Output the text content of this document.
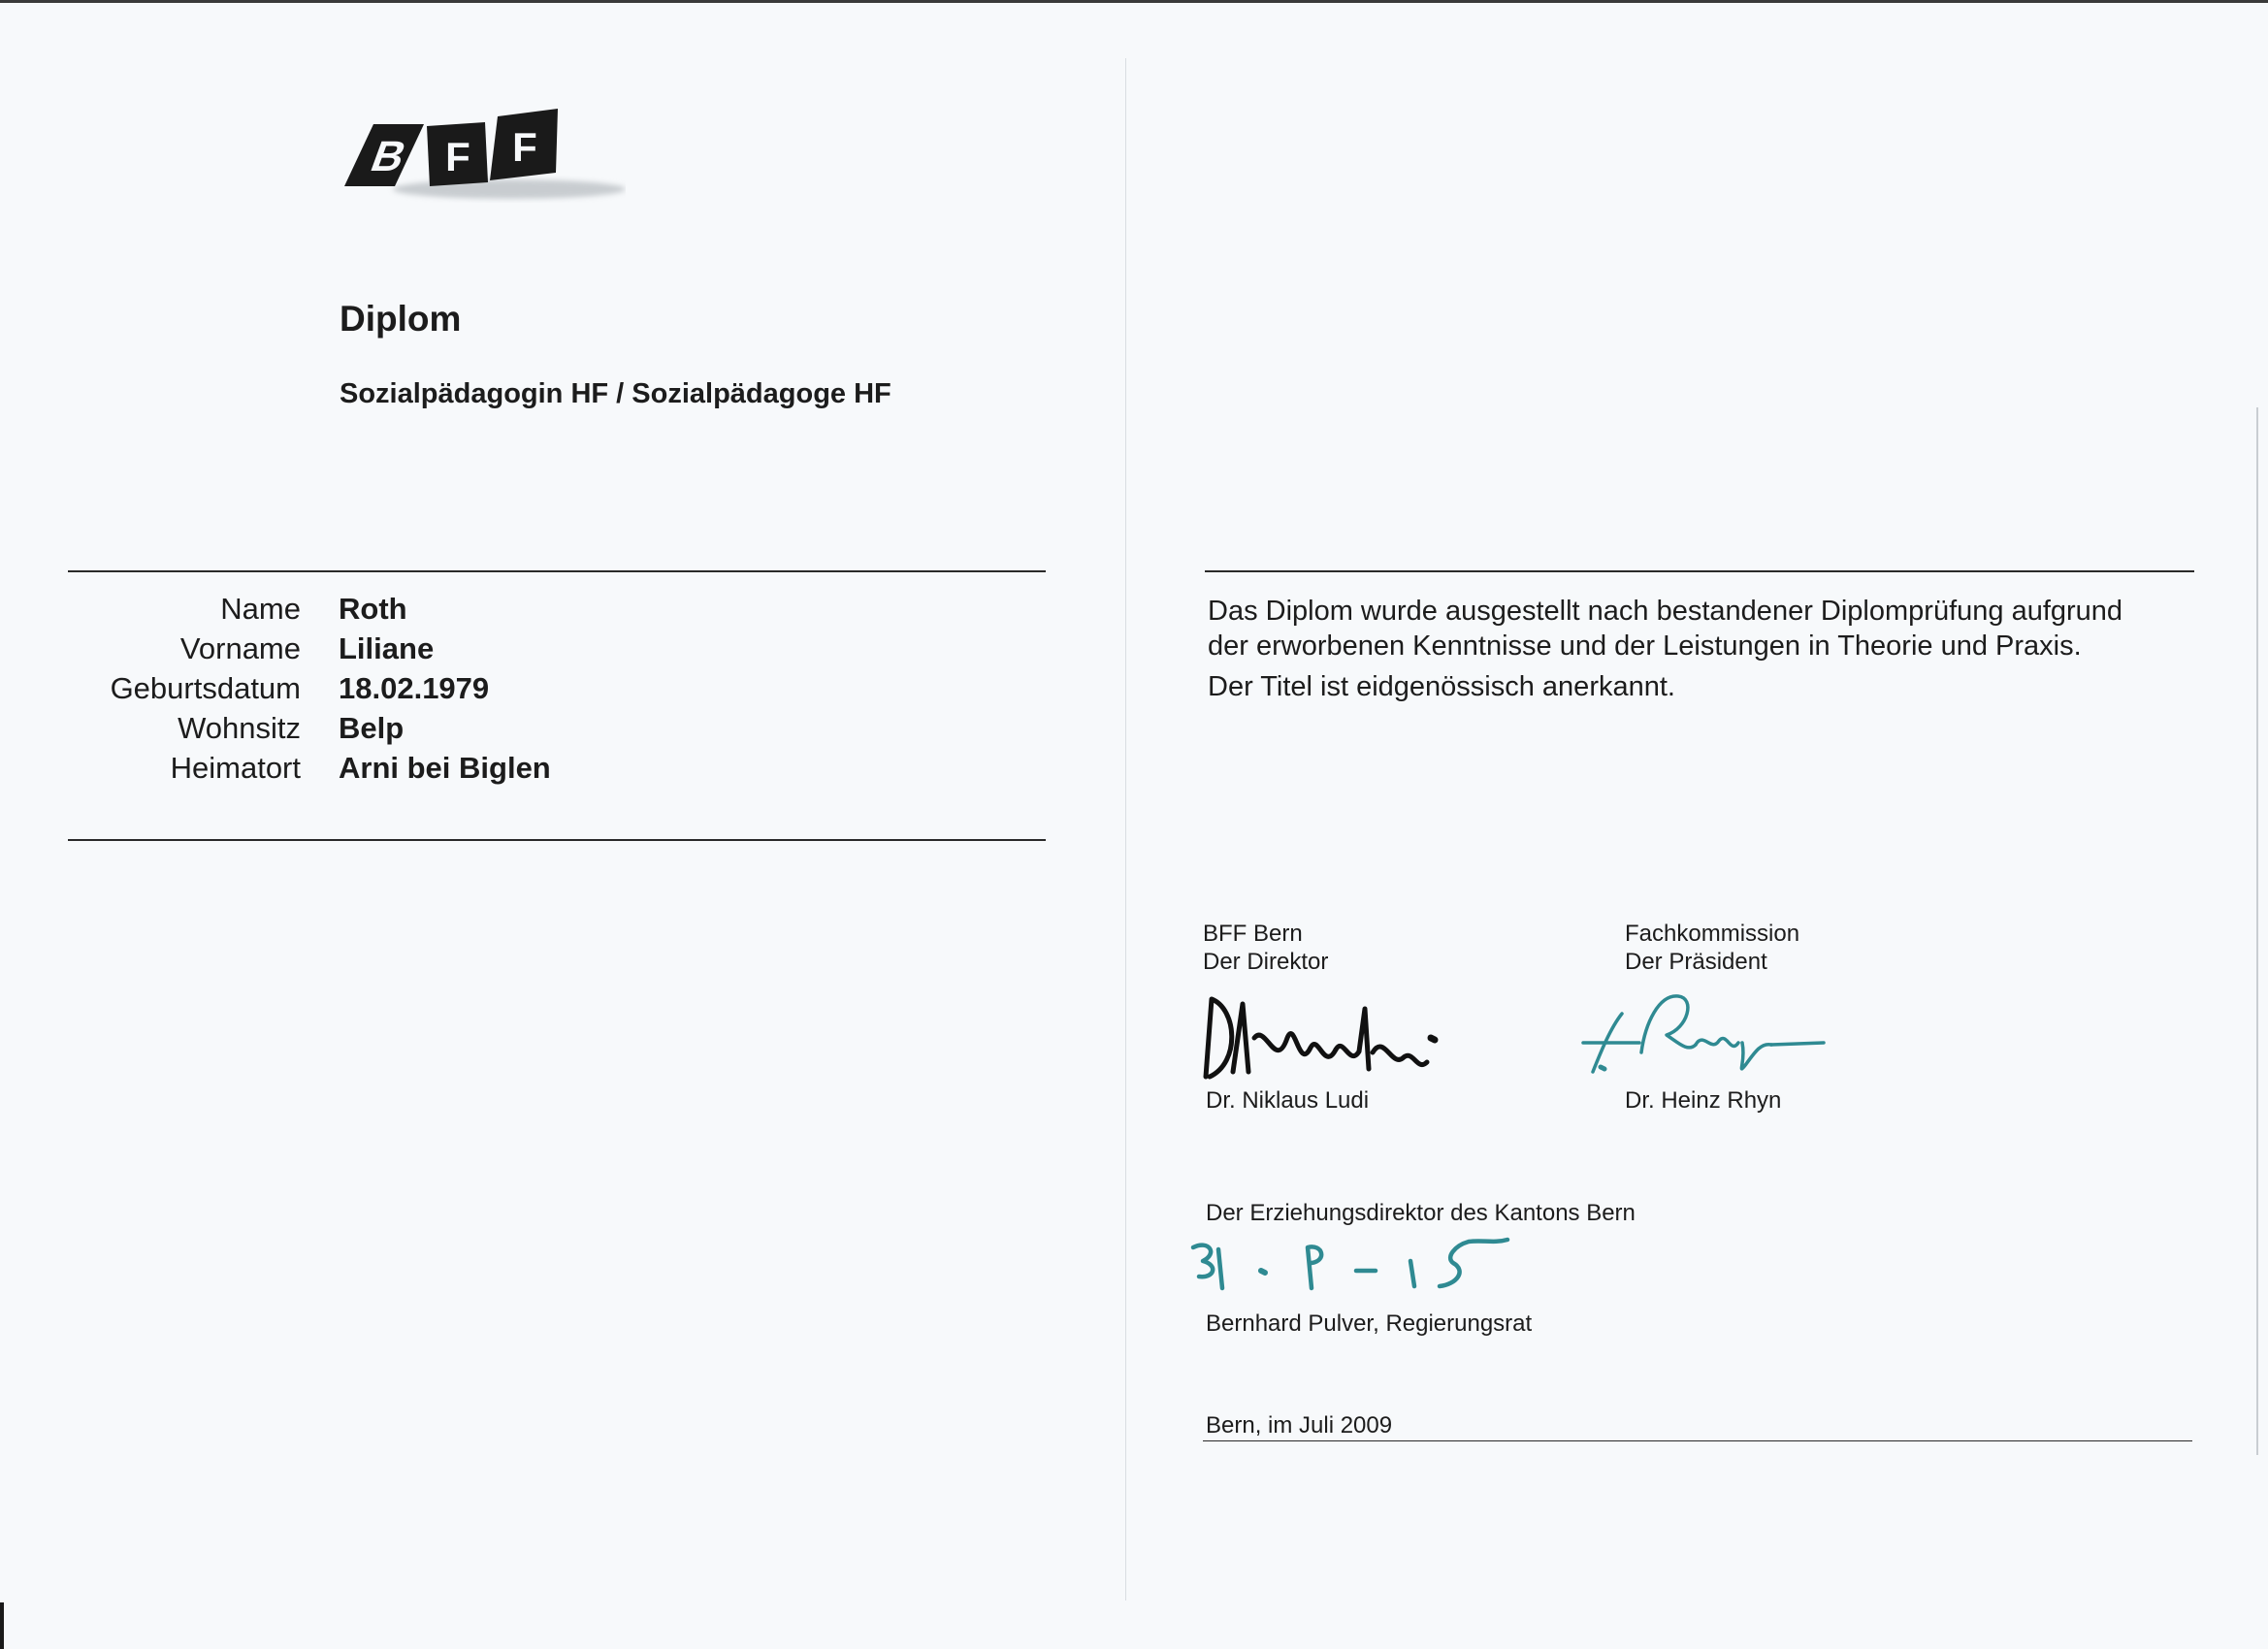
B F F
Diplom
Sozialpädagogin HF / Sozialpädagoge HF
Name Roth
Vorname Liliane
Geburtsdatum 18.02.1979
Wohnsitz Belp
Heimatort Arni bei Biglen
Das Diplom wurde ausgestellt nach bestandener Diplomprüfung aufgrund
der erworbenen Kenntnisse und der Leistungen in Theorie und Praxis.
Der Titel ist eidgenössisch anerkannt.
BFF Bern
Der Direktor
Dr. Niklaus Ludi
Fachkommission
Der Präsident
Dr. Heinz Rhyn
Der Erziehungsdirektor des Kantons Bern
Bernhard Pulver, Regierungsrat
Bern, im Juli 2009
